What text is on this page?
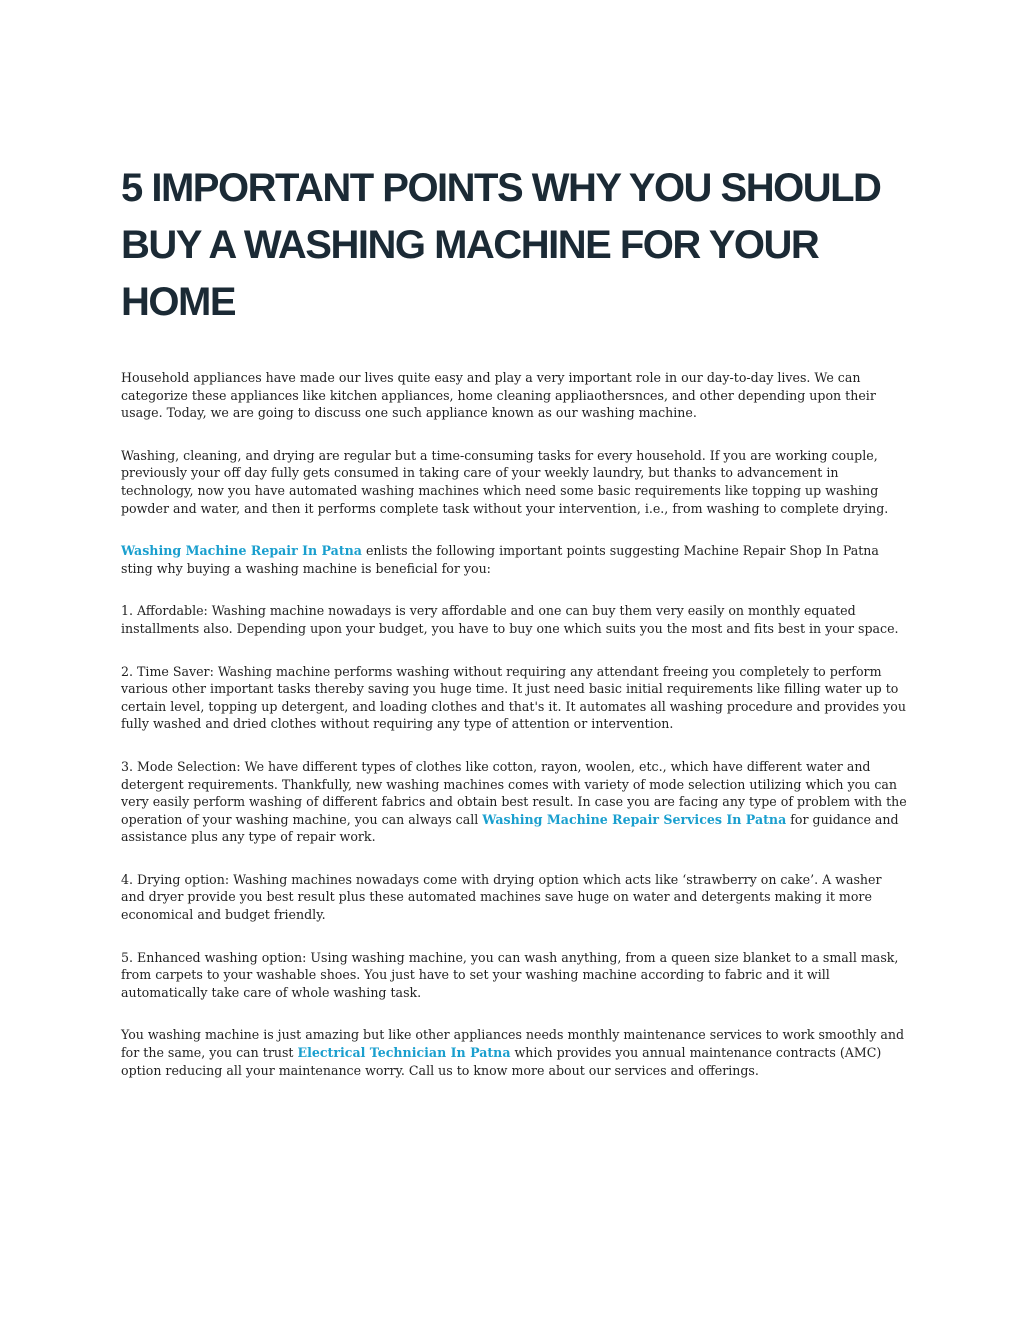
5 IMPORTANT POINTS WHY YOU SHOULD BUY A WASHING MACHINE FOR YOUR HOME

Household appliances have made our lives quite easy and play a very important role in our day-to-day lives. We can categorize these appliances like kitchen appliances, home cleaning appliaothersnces, and other depending upon their usage. Today, we are going to discuss one such appliance known as our washing machine.

Washing, cleaning, and drying are regular but a time-consuming tasks for every household. If you are working couple, previously your off day fully gets consumed in taking care of your weekly laundry, but thanks to advancement in technology, now you have automated washing machines which need some basic requirements like topping up washing powder and water, and then it performs complete task without your intervention, i.e., from washing to complete drying.

Washing Machine Repair In Patna enlists the following important points suggesting Machine Repair Shop In Patna sting why buying a washing machine is beneficial for you:

1. Affordable: Washing machine nowadays is very affordable and one can buy them very easily on monthly equated installments also. Depending upon your budget, you have to buy one which suits you the most and fits best in your space.

2. Time Saver: Washing machine performs washing without requiring any attendant freeing you completely to perform various other important tasks thereby saving you huge time. It just need basic initial requirements like filling water up to certain level, topping up detergent, and loading clothes and that's it. It automates all washing procedure and provides you fully washed and dried clothes without requiring any type of attention or intervention.

3. Mode Selection: We have different types of clothes like cotton, rayon, woolen, etc., which have different water and detergent requirements. Thankfully, new washing machines comes with variety of mode selection utilizing which you can very easily perform washing of different fabrics and obtain best result. In case you are facing any type of problem with the operation of your washing machine, you can always call Washing Machine Repair Services In Patna for guidance and assistance plus any type of repair work.

4. Drying option: Washing machines nowadays come with drying option which acts like ‘strawberry on cake’. A washer and dryer provide you best result plus these automated machines save huge on water and detergents making it more economical and budget friendly.

5. Enhanced washing option: Using washing machine, you can wash anything, from a queen size blanket to a small mask, from carpets to your washable shoes. You just have to set your washing machine according to fabric and it will automatically take care of whole washing task.

You washing machine is just amazing but like other appliances needs monthly maintenance services to work smoothly and for the same, you can trust Electrical Technician In Patna which provides you annual maintenance contracts (AMC) option reducing all your maintenance worry. Call us to know more about our services and offerings.
